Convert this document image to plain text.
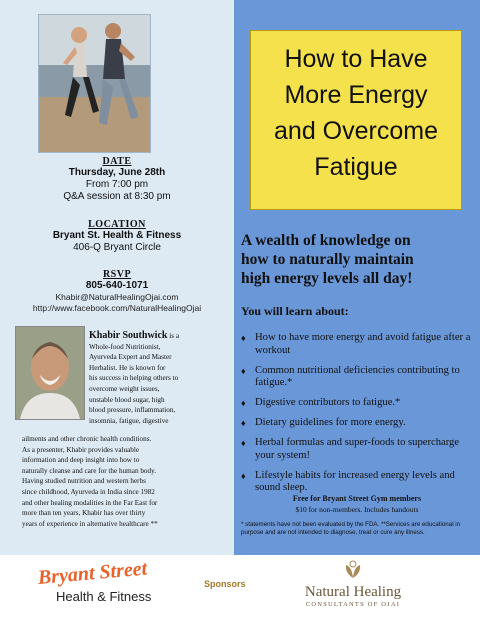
DATE
Thursday, June 28th
From 7:00 pm
Q&A session at 8:30 pm
LOCATION
Bryant St. Health & Fitness
406-Q Bryant Circle
RSVP
805-640-1071
Khabir@NaturalHealingOjai.com
http://www.facebook.com/NaturalHealingOjai
Khabir Southwick is a
Whole-food Nutritionist,
Ayurveda Expert and Master
Herbalist. He is known for
his success in helping others to
overcome weight issues,
unstable blood sugar, high
blood pressure, inflammation,
insomnia, fatigue, digestive
ailments and other chronic health conditions.
As a presenter, Khabir provides valuable
information and deep insight into how to
naturally cleanse and care for the human body.
Having studied nutrition and western herbs
since childhood, Ayurveda in India since 1982
and other healing modalities in the Far East for
more than ten years, Khabir has over thirty
years of experience in alternative healthcare **
How to Have
More Energy
and Overcome
Fatigue
A wealth of knowledge on
how to naturally maintain
high energy levels all day!
You will learn about:
♦ How to have more energy and avoid fatigue after a workout
♦ Common nutritional deficiencies contributing to fatigue.*
♦ Digestive contributors to fatigue.*
♦ Dietary guidelines for more energy.
♦ Herbal formulas and super-foods to supercharge your system!
♦ Lifestyle habits for increased energy levels and sound sleep.
Free for Bryant Street Gym members
$10 for non-members. Includes handouts
* statements have not been evaluated by the FDA. **Services are educational in purpose and are not intended to diagnose, treat or cure any illness.
Bryant Street
Health & Fitness
Sponsors	Natural Healing
CONSULTANTS OF OJAI
